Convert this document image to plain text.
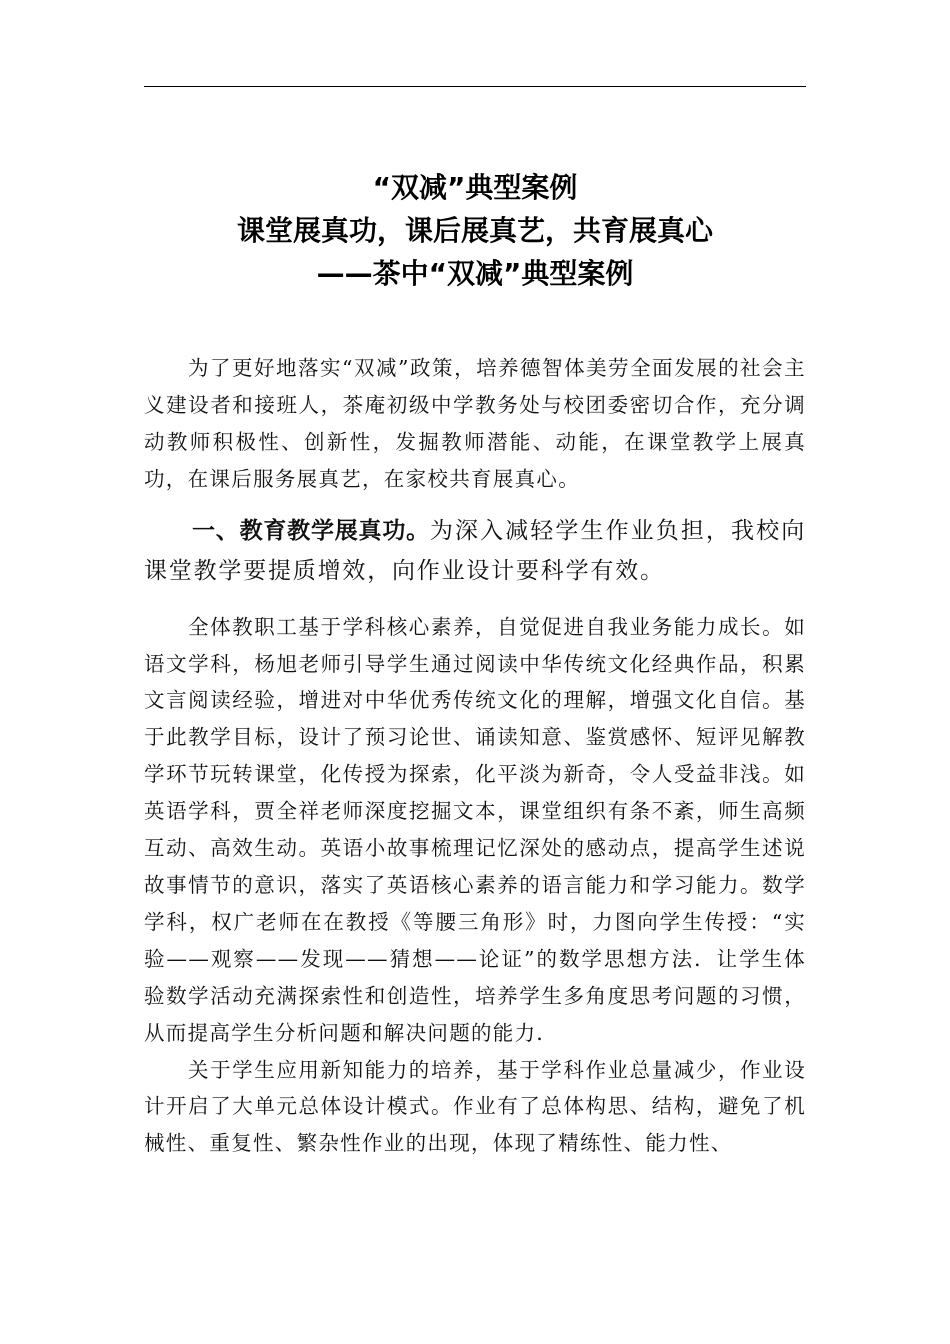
“双减”典型案例
课堂展真功，课后展真艺，共育展真心
——茶中“双减”典型案例

为了更好地落实“双减”政策，培养德智体美劳全面发展的社会主义建设者和接班人，茶庵初级中学教务处与校团委密切合作，充分调动教师积极性、创新性，发掘教师潜能、动能，在课堂教学上展真功，在课后服务展真艺，在家校共育展真心。

一、教育教学展真功。为深入减轻学生作业负担，我校向课堂教学要提质增效，向作业设计要科学有效。

全体教职工基于学科核心素养，自觉促进自我业务能力成长。如语文学科，杨旭老师引导学生通过阅读中华传统文化经典作品，积累文言阅读经验，增进对中华优秀传统文化的理解，增强文化自信。基于此教学目标，设计了预习论世、诵读知意、鉴赏感怀、短评见解教学环节玩转课堂，化传授为探索，化平淡为新奇，令人受益非浅。如英语学科，贾全祥老师深度挖掘文本，课堂组织有条不紊，师生高频互动、高效生动。英语小故事梳理记忆深处的感动点，提高学生述说故事情节的意识，落实了英语核心素养的语言能力和学习能力。数学学科，权广老师在在教授《等腰三角形》时，力图向学生传授：“实验——观察——发现——猜想——论证”的数学思想方法．让学生体验数学活动充满探索性和创造性，培养学生多角度思考问题的习惯，从而提高学生分析问题和解决问题的能力．

关于学生应用新知能力的培养，基于学科作业总量减少，作业设计开启了大单元总体设计模式。作业有了总体构思、结构，避免了机械性、重复性、繁杂性作业的出现，体现了精练性、能力性、
